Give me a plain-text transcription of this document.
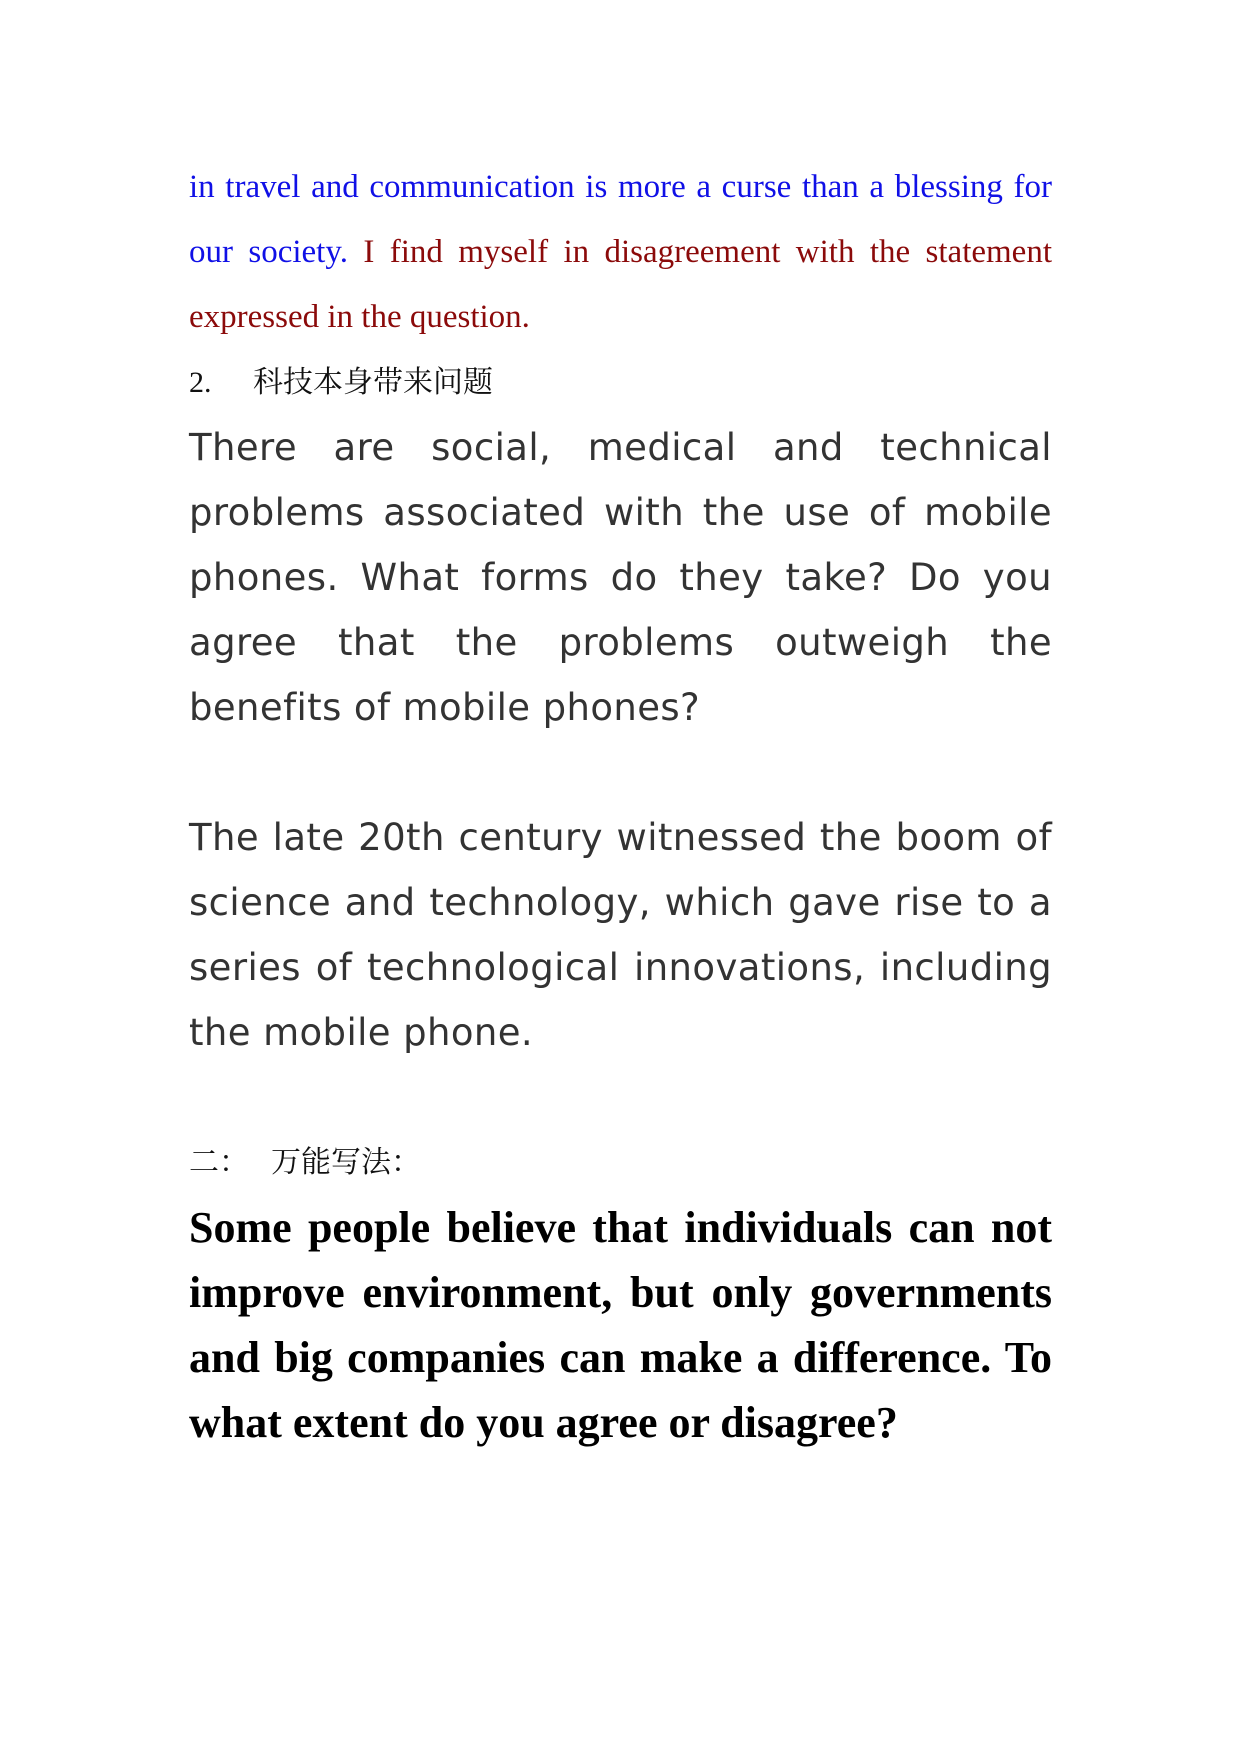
in travel and communication is more a curse than a blessing for our society. I find myself in disagreement with the statement expressed in the question.

2. 科技本身带来问题

There are social, medical and technical problems associated with the use of mobile phones. What forms do they take? Do you agree that the problems outweigh the benefits of mobile phones?

The late 20th century witnessed the boom of science and technology, which gave rise to a series of technological innovations, including the mobile phone.

二： 万能写法：

Some people believe that individuals can not improve environment, but only governments and big companies can make a difference. To what extent do you agree or disagree?
